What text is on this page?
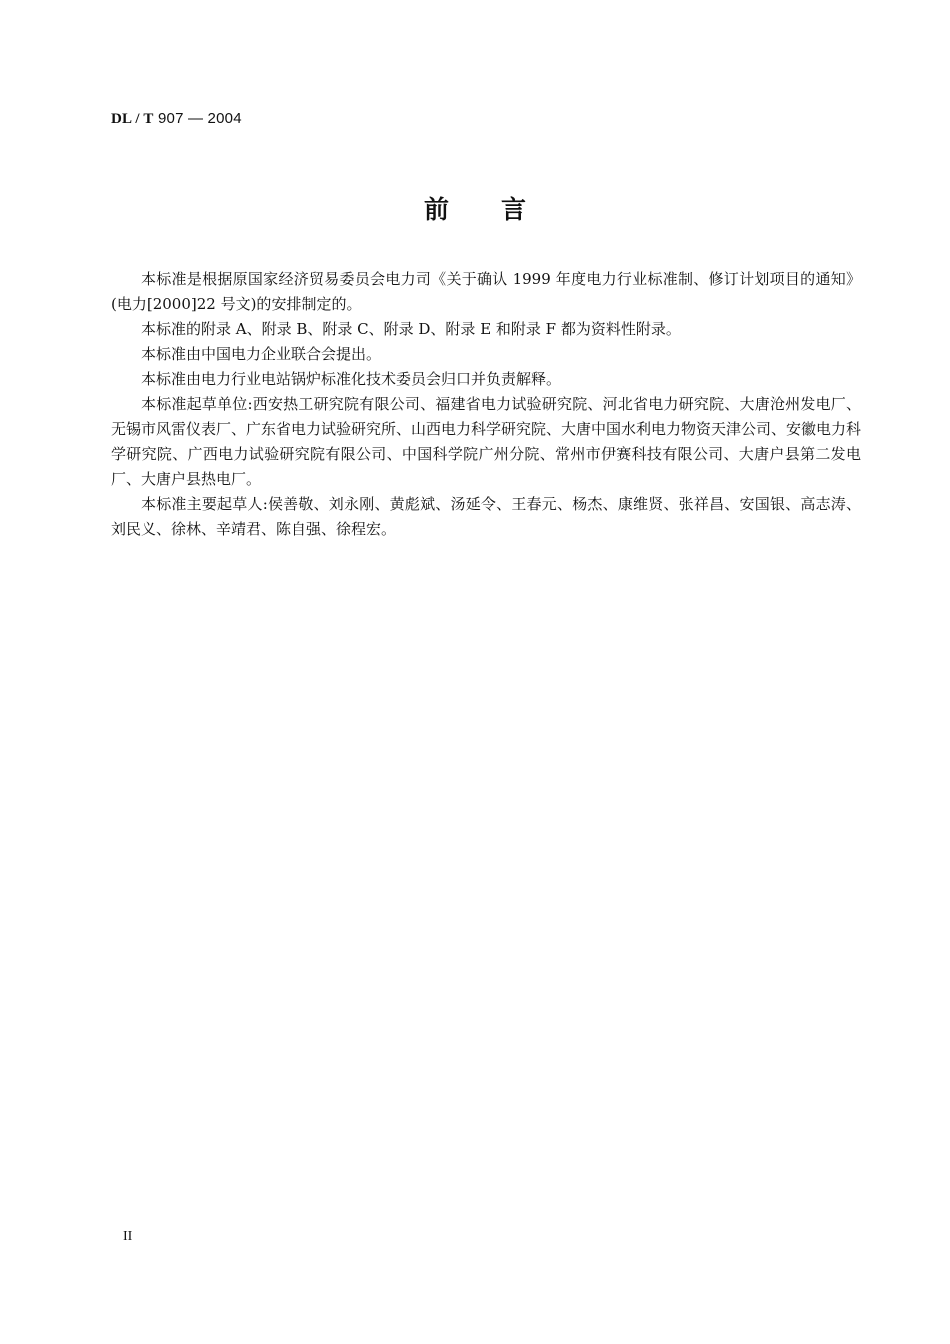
DL / T 907 — 2004
前言

本标准是根据原国家经济贸易委员会电力司《关于确认 1999 年度电力行业标准制、修订计划项目的通知》(电力[2000]22 号文)的安排制定的。

本标准的附录 A、附录 B、附录 C、附录 D、附录 E 和附录 F 都为资料性附录。

本标准由中国电力企业联合会提出。

本标准由电力行业电站锅炉标准化技术委员会归口并负责解释。

本标准起草单位:西安热工研究院有限公司、福建省电力试验研究院、河北省电力研究院、大唐沧州发电厂、无锡市风雷仪表厂、广东省电力试验研究所、山西电力科学研究院、大唐中国水利电力物资天津公司、安徽电力科学研究院、广西电力试验研究院有限公司、中国科学院广州分院、常州市伊赛科技有限公司、大唐户县第二发电厂、大唐户县热电厂。

本标准主要起草人:侯善敬、刘永刚、黄彪斌、汤延令、王春元、杨杰、康维贤、张祥昌、安国银、高志涛、刘民义、徐林、辛靖君、陈自强、徐程宏。

II
